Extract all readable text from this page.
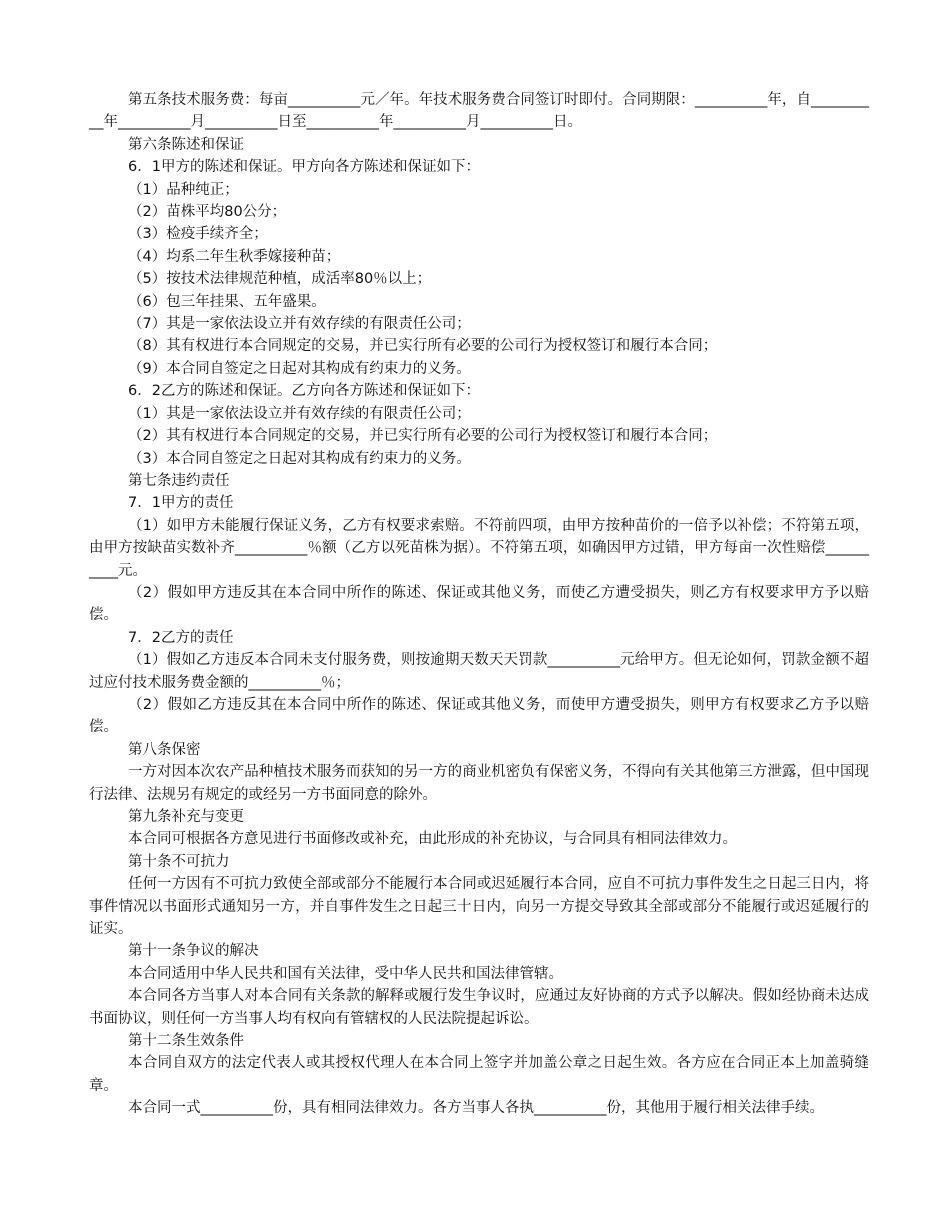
第五条技术服务费：每亩__________元／年。年技术服务费合同签订时即付。合同期限：__________年，自__________年__________月__________日至__________年__________月__________日。

第六条陈述和保证

6．1甲方的陈述和保证。甲方向各方陈述和保证如下：

（1）品种纯正；

（2）苗株平均80公分；

（3）检疫手续齐全；

（4）均系二年生秋季嫁接种苗；

（5）按技术法律规范种植，成活率80％以上；

（6）包三年挂果、五年盛果。

（7）其是一家依法设立并有效存续的有限责任公司；

（8）其有权进行本合同规定的交易，并已实行所有必要的公司行为授权签订和履行本合同；

（9）本合同自签定之日起对其构成有约束力的义务。

6．2乙方的陈述和保证。乙方向各方陈述和保证如下：

（1）其是一家依法设立并有效存续的有限责任公司；

（2）其有权进行本合同规定的交易，并已实行所有必要的公司行为授权签订和履行本合同；

（3）本合同自签定之日起对其构成有约束力的义务。

第七条违约责任

7．1甲方的责任

（1）如甲方未能履行保证义务，乙方有权要求索赔。不符前四项，由甲方按种苗价的一倍予以补偿；不符第五项，由甲方按缺苗实数补齐__________％额（乙方以死苗株为据）。不符第五项，如确因甲方过错，甲方每亩一次性赔偿__________元。

（2）假如甲方违反其在本合同中所作的陈述、保证或其他义务，而使乙方遭受损失，则乙方有权要求甲方予以赔偿。

7．2乙方的责任

（1）假如乙方违反本合同未支付服务费，则按逾期天数天天罚款__________元给甲方。但无论如何，罚款金额不超过应付技术服务费金额的__________％；

（2）假如乙方违反其在本合同中所作的陈述、保证或其他义务，而使甲方遭受损失，则甲方有权要求乙方予以赔偿。

第八条保密

一方对因本次农产品种植技术服务而获知的另一方的商业机密负有保密义务，不得向有关其他第三方泄露，但中国现行法律、法规另有规定的或经另一方书面同意的除外。

第九条补充与变更

本合同可根据各方意见进行书面修改或补充，由此形成的补充协议，与合同具有相同法律效力。

第十条不可抗力

任何一方因有不可抗力致使全部或部分不能履行本合同或迟延履行本合同，应自不可抗力事件发生之日起三日内，将事件情况以书面形式通知另一方，并自事件发生之日起三十日内，向另一方提交导致其全部或部分不能履行或迟延履行的证实。

第十一条争议的解决

本合同适用中华人民共和国有关法律，受中华人民共和国法律管辖。

本合同各方当事人对本合同有关条款的解释或履行发生争议时，应通过友好协商的方式予以解决。假如经协商未达成书面协议，则任何一方当事人均有权向有管辖权的人民法院提起诉讼。

第十二条生效条件

本合同自双方的法定代表人或其授权代理人在本合同上签字并加盖公章之日起生效。各方应在合同正本上加盖骑缝章。

本合同一式__________份，具有相同法律效力。各方当事人各执__________份，其他用于履行相关法律手续。
